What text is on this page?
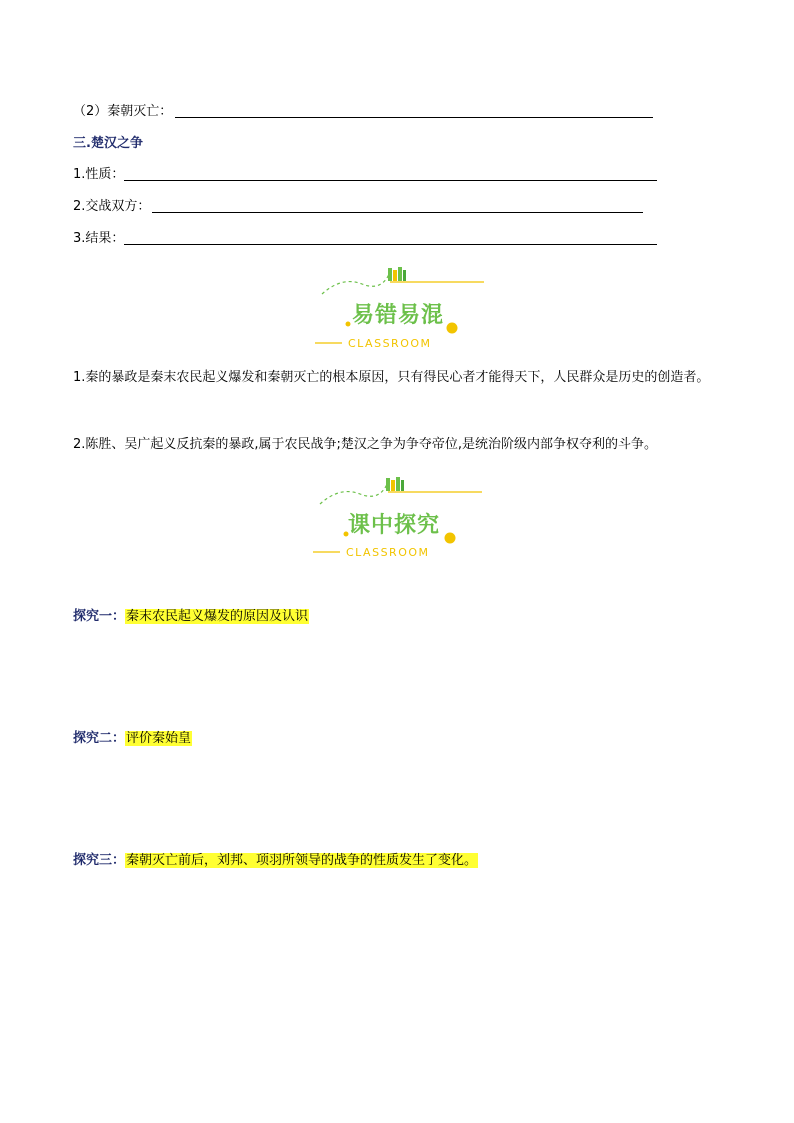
（2）秦朝灭亡：
三.楚汉之争
1.性质：
2.交战双方：
3.结果：
易错易混
CLASSROOM
1.秦的暴政是秦末农民起义爆发和秦朝灭亡的根本原因，只有得民心者才能得天下，人民群众是历史的创造者。
2.陈胜、吴广起义反抗秦的暴政,属于农民战争;楚汉之争为争夺帝位,是统治阶级内部争权夺利的斗争。
课中探究
CLASSROOM
探究一：秦末农民起义爆发的原因及认识
探究二：评价秦始皇
探究三：秦朝灭亡前后，刘邦、项羽所领导的战争的性质发生了变化。
